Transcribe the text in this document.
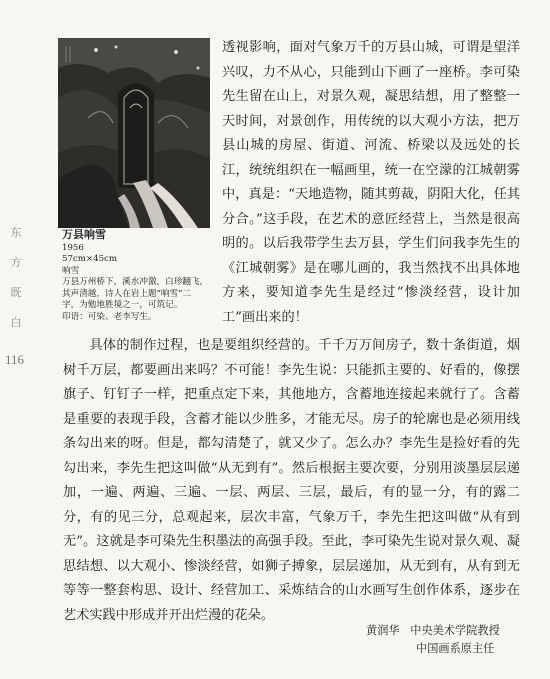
东
方
既
白
116
万县响雪

1956

57cm×45cm

响雪

万县万州桥下，溪水冲激，白珍翻飞，

其声清越，诗人在岩上题“响雪”二

字，为勉地胜境之一，可筑记。

印语：可染、老李写生。

透视影响，面对气象万千的万县山城，可谓是望洋兴叹，力不从心，只能到山下画了一座桥。李可染先生留在山上，对景久观，凝思结想，用了整整一天时间，对景创作，用传统的以大观小方法，把万县山城的房屋、街道、河流、桥梁以及远处的长江，统统组织在一幅画里，统一在空濛的江城朝雾中，真是：“天地造物，随其剪裁，阴阳大化，任其分合。”这手段，在艺术的意匠经营上，当然是很高明的。以后我带学生去万县，学生们问我李先生的《江城朝雾》是在哪儿画的，我当然找不出具体地方来，要知道李先生是经过“惨淡经营，设计加工”画出来的！

具体的制作过程，也是要组织经营的。千千万万间房子，数十条街道，烟树千万层，都要画出来吗？不可能！李先生说：只能抓主要的、好看的，像摆旗子、钉钉子一样，把重点定下来，其他地方，含蓄地连接起来就行了。含蓄是重要的表现手段，含蓄才能以少胜多，才能无尽。房子的轮廓也是必须用线条勾出来的呀。但是，都勾清楚了，就又少了。怎么办？李先生是捡好看的先勾出来，李先生把这叫做“从无到有”。然后根据主要次要，分别用淡墨层层递加，一遍、两遍、三遍、一层、两层、三层，最后，有的显一分，有的露二分，有的见三分，总观起来，层次丰富，气象万千，李先生把这叫做“从有到无”。这就是李可染先生积墨法的高强手段。至此，李可染先生说对景久观、凝思结想、以大观小、惨淡经营，如狮子搏象，层层递加，从无到有，从有到无等等一整套构思、设计、经营加工、采炼结合的山水画写生创作体系，逐步在艺术实践中形成并开出烂漫的花朵。

黄润华 中央美术学院教授
中国画系原主任
